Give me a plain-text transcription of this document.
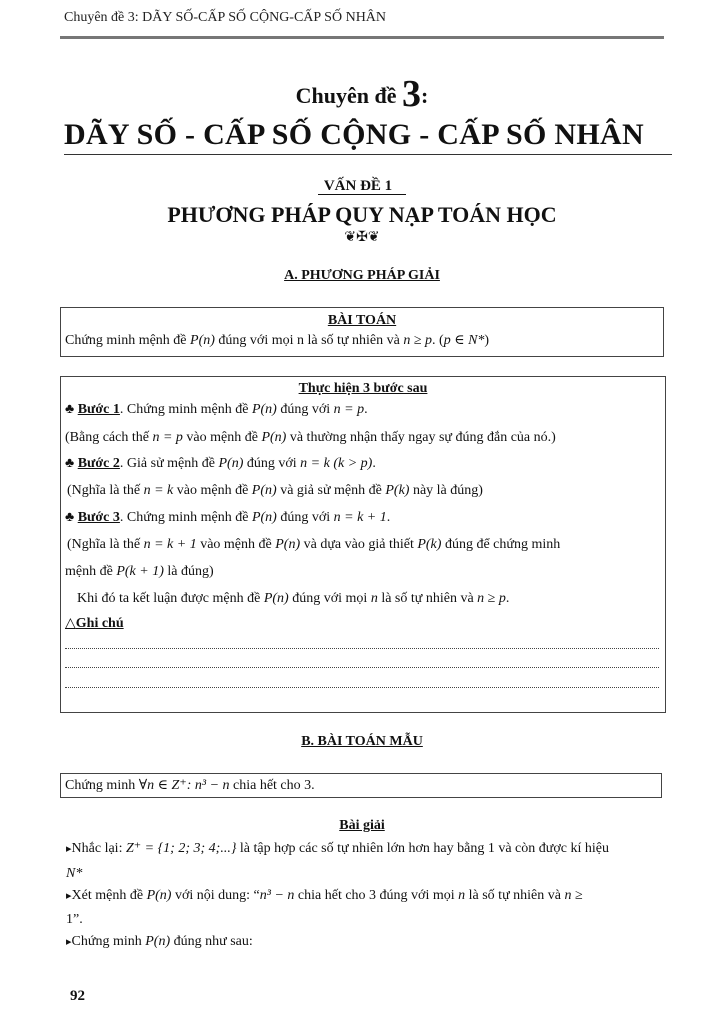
Chuyên đề 3: DÃY SỐ-CẤP SỐ CỘNG-CẤP SỐ NHÂN
Chuyên đề 3:
DÃY SỐ - CẤP SỐ CỘNG - CẤP SỐ NHÂN
VẤN ĐỀ 1
PHƯƠNG PHÁP QUY NẠP TOÁN HỌC
❦✠❦
A. PHƯƠNG PHÁP GIẢI
BÀI TOÁN
Chứng minh mệnh đề P(n) đúng với mọi n là số tự nhiên và n ≥ p. (p ∈ N*)
Thực hiện 3 bước sau
♣ Bước 1. Chứng minh mệnh đề P(n) đúng với n = p.
(Bằng cách thế n = p vào mệnh đề P(n) và thường nhận thấy ngay sự đúng đắn của nó.)
♣ Bước 2. Giả sử mệnh đề P(n) đúng với n = k (k > p).
(Nghĩa là thế n = k vào mệnh đề P(n) và giả sử mệnh đề P(k) này là đúng)
♣ Bước 3. Chứng minh mệnh đề P(n) đúng với n = k + 1.
(Nghĩa là thế n = k + 1 vào mệnh đề P(n) và dựa vào giả thiết P(k) đúng để chứng minh
mệnh đề P(k + 1) là đúng)
Khi đó ta kết luận được mệnh đề P(n) đúng với mọi n là số tự nhiên và n ≥ p.
△Ghi chú
B. BÀI TOÁN MẪU
Chứng minh ∀n ∈ Z⁺: n³ − n chia hết cho 3.
Bài giải
▸Nhắc lại: Z⁺ = {1; 2; 3; 4;...} là tập hợp các số tự nhiên lớn hơn hay bằng 1 và còn được kí hiệu
N*
▸Xét mệnh đề P(n) với nội dung: “n³ − n chia hết cho 3 đúng với mọi n là số tự nhiên và n ≥
1”.
▸Chứng minh P(n) đúng như sau:
92
